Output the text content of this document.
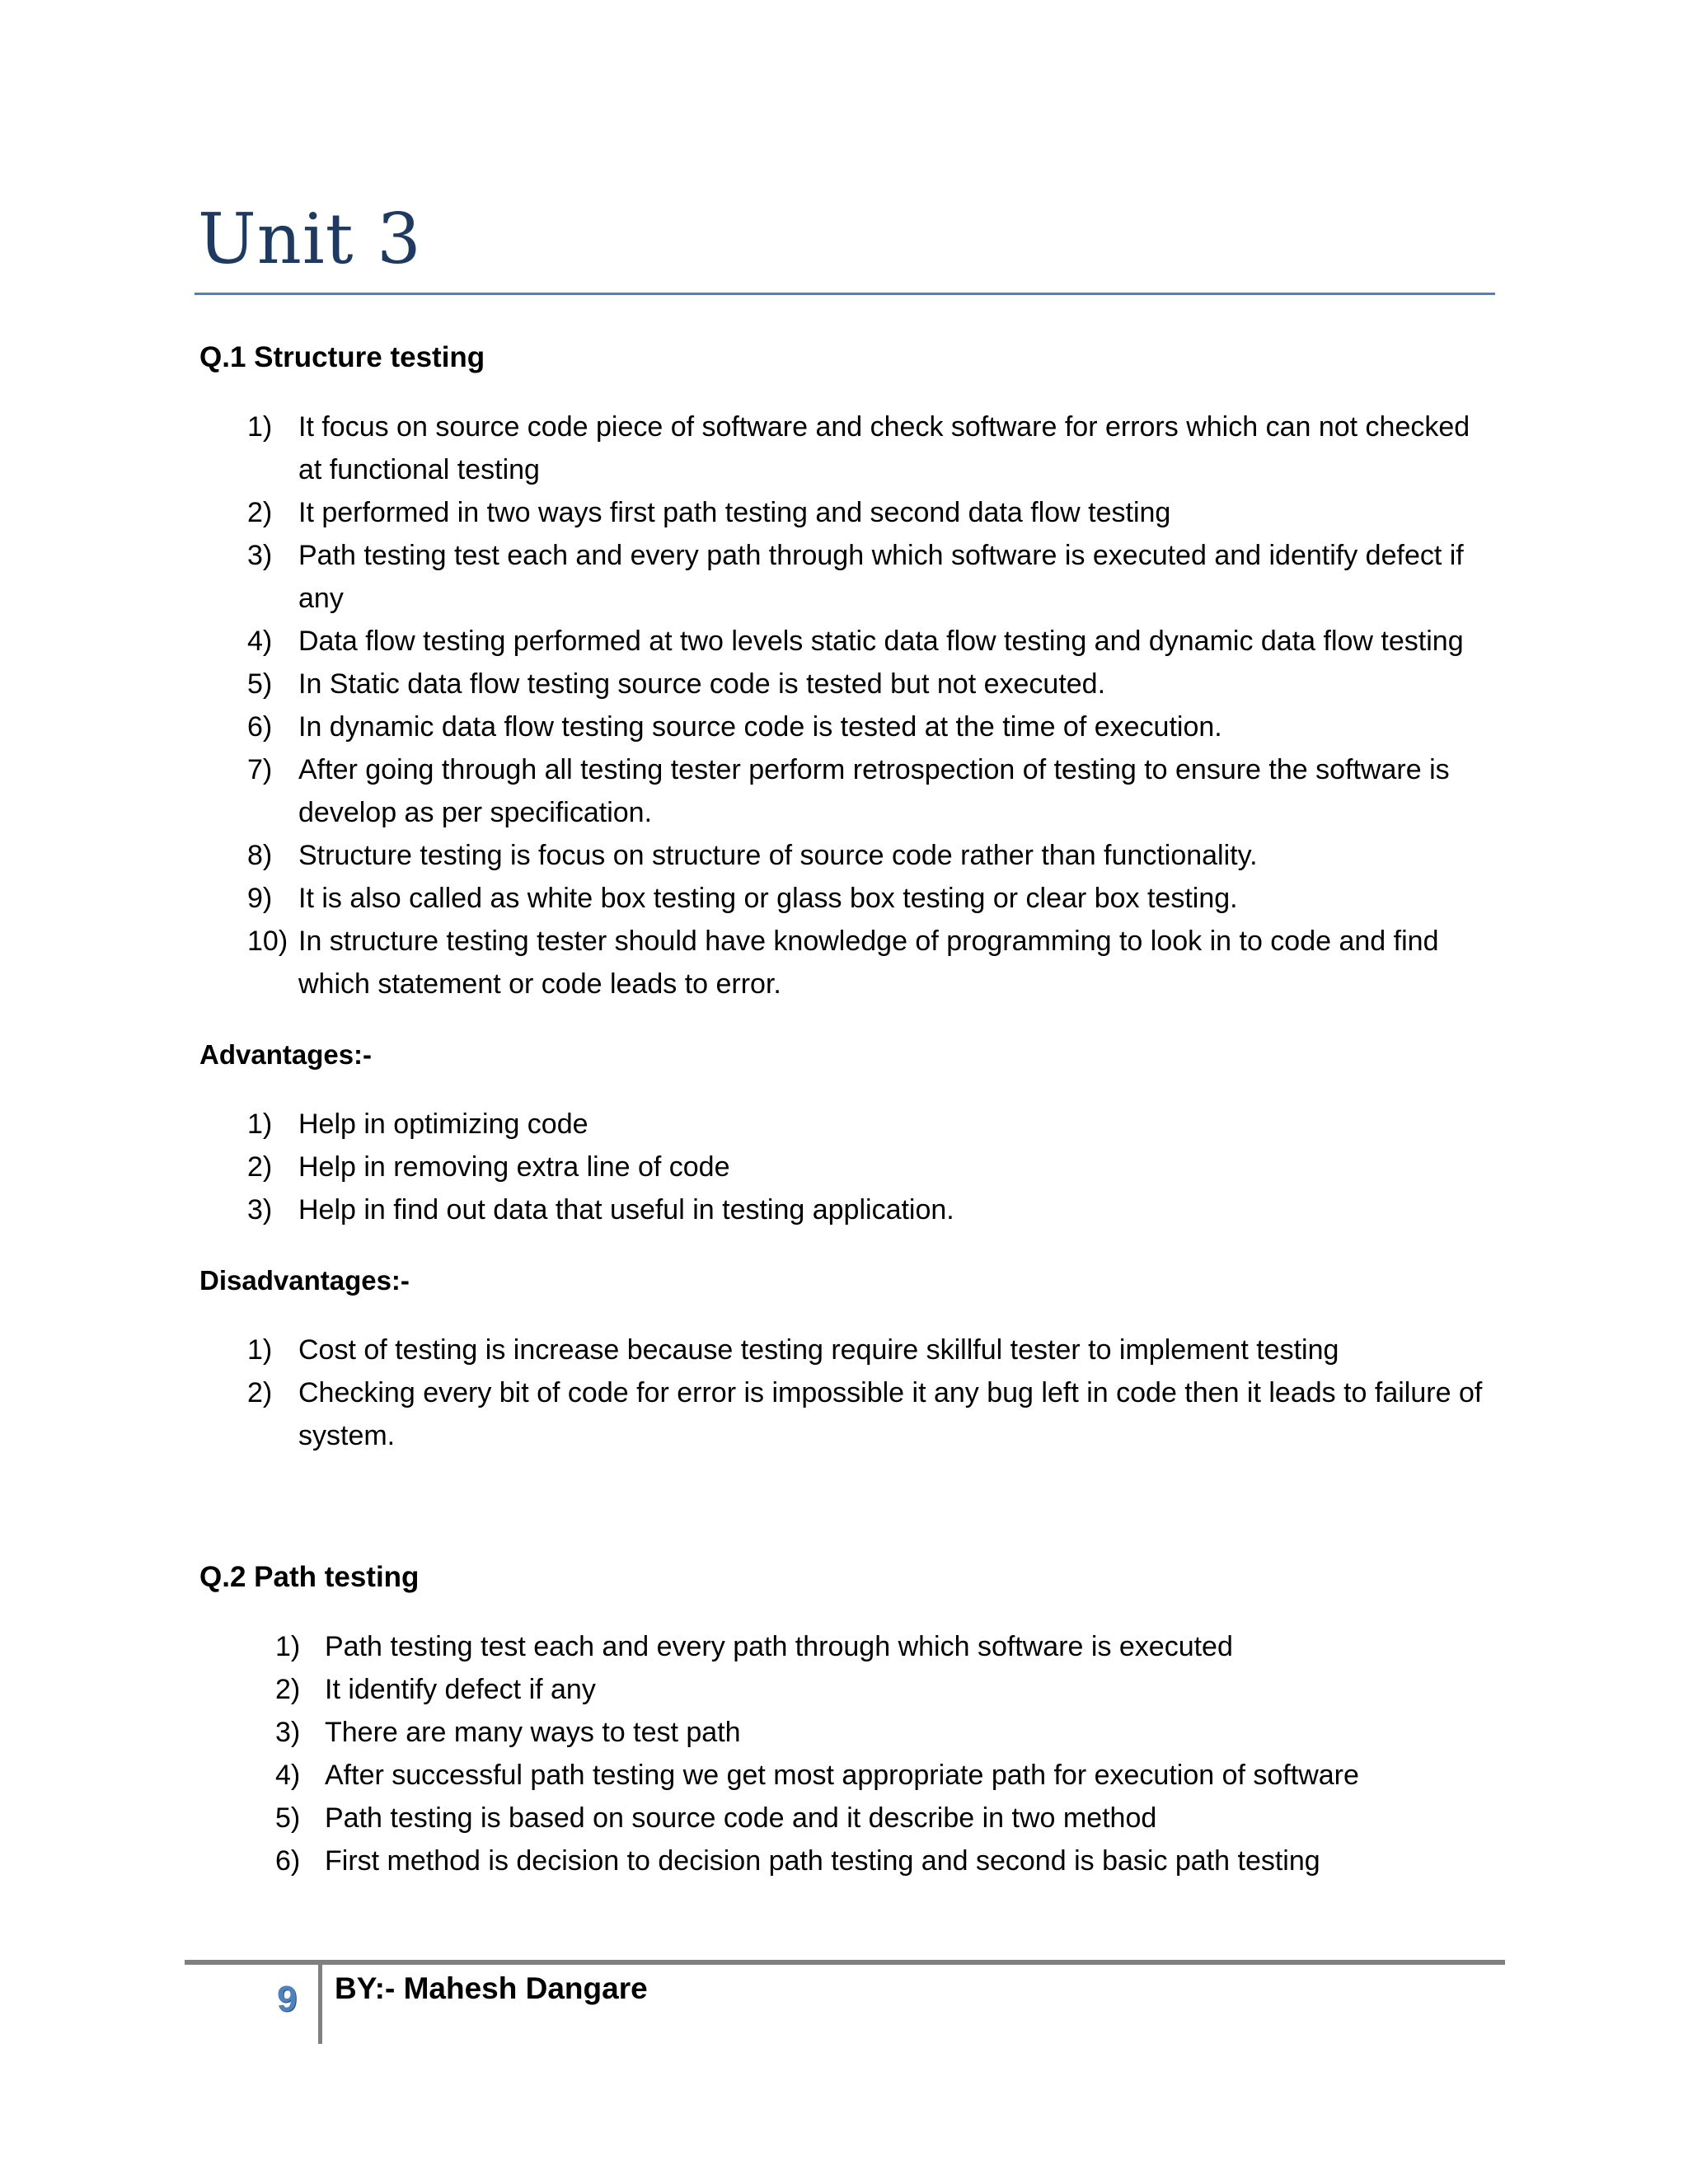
Unit 3
Q.1 Structure testing
1) It focus on source code piece of software and check software for errors which can not checked
at functional testing
2) It performed in two ways first path testing and second data flow testing
3) Path testing test each and every path through which software is executed and identify defect if
any
4) Data flow testing performed at two levels static data flow testing and dynamic data flow testing
5) In Static data flow testing source code is tested but not executed.
6) In dynamic data flow testing source code is tested at the time of execution.
7) After going through all testing tester perform retrospection of testing to ensure the software is
develop as per specification.
8) Structure testing is focus on structure of source code rather than functionality.
9) It is also called as white box testing or glass box testing or clear box testing.
10) In structure testing tester should have knowledge of programming to look in to code and find
which statement or code leads to error.
Advantages:-
1) Help in optimizing code
2) Help in removing extra line of code
3) Help in find out data that useful in testing application.
Disadvantages:-
1) Cost of testing is increase because testing require skillful tester to implement testing
2) Checking every bit of code for error is impossible it any bug left in code then it leads to failure of
system.
Q.2 Path testing
1) Path testing test each and every path through which software is executed
2) It identify defect if any
3) There are many ways to test path
4) After successful path testing we get most appropriate path for execution of software
5) Path testing is based on source code and it describe in two method
6) First method is decision to decision path testing and second is basic path testing
9 BY:- Mahesh Dangare
